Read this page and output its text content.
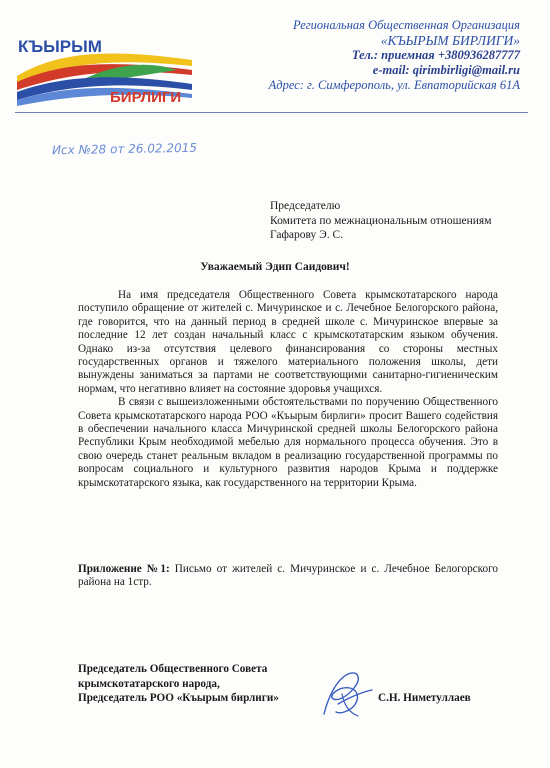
КЪЫРЫМ
БИРЛИГИ
Региональная Общественная Организация
«КЪЫРЫМ БИРЛИГИ»
Тел.: приемная +380936287777
e-mail: qirimbirligi@mail.ru
Адрес: г. Симферополь, ул. Евпаторийская 61А
Исх №28 от 26.02.2015
Председателю
Комитета по межнациональным отношениям
Гафарову Э. С.
Уважаемый Эдип Саидович!

На имя председателя Общественного Совета крымскотатарского народа поступило обращение от жителей с. Мичуринское и с. Лечебное Белогорского района, где говорится, что на данный период в средней школе с. Мичуринское впервые за последние 12 лет создан начальный класс с крымскотатарским языком обучения. Однако из-за отсутствия целевого финансирования со стороны местных государственных органов и тяжелого материального положения школы, дети вынуждены заниматься за партами не соответствующими санитарно-гигиеническим нормам, что негативно влияет на состояние здоровья учащихся.

В связи с вышеизложенными обстоятельствами по поручению Общественного Совета крымскотатарского народа РОО «Къырым бирлиги» просит Вашего содействия в обеспечении начального класса Мичуринской средней школы Белогорского района Республики Крым необходимой мебелью для нормального процесса обучения. Это в свою очередь станет реальным вкладом в реализацию государственной программы по вопросам социального и культурного развития народов Крыма и поддержке крымскотатарского языка, как государственного на территории Крыма.

Приложение №1: Письмо от жителей с. Мичуринское и с. Лечебное Белогорского района на 1стр.

Председатель Общественного Совета
крымскотатарского народа,
Председатель РОО «Къырым бирлиги»	С.Н. Ниметуллаев
